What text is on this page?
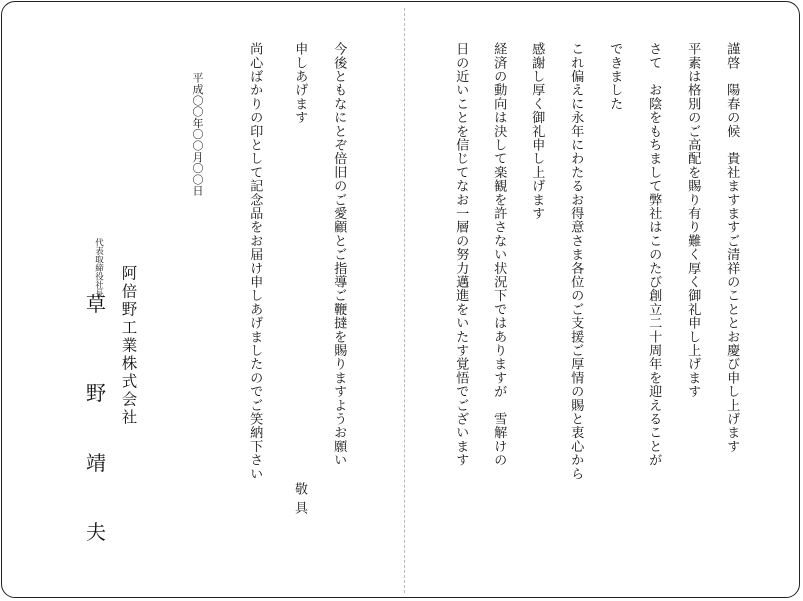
謹啓　陽春の候　貴社ますますご清祥のこととお慶び申し上げます
平素は格別のご高配を賜り有り難く厚く御礼申し上げます
さて　お陰をもちまして弊社はこのたび創立二十周年を迎えることが
できました
これ偏えに永年にわたるお得意さま各位のご支援ご厚情の賜と衷心から
感謝し厚く御礼申し上げます
経済の動向は決して楽観を許さない状況下ではありますが　雪解けの
日の近いことを信じてなお一層の努力邁進をいたす覚悟でございます
今後ともなにとぞ倍旧のご愛顧とご指導ご鞭撻を賜りますようお願い
申しあげます
敬具
尚心ばかりの印として記念品をお届け申しあげましたのでご笑納下さい
平成〇〇年〇〇月〇〇日
阿倍野工業株式会社
代表取締役社長
草
野
靖
夫
